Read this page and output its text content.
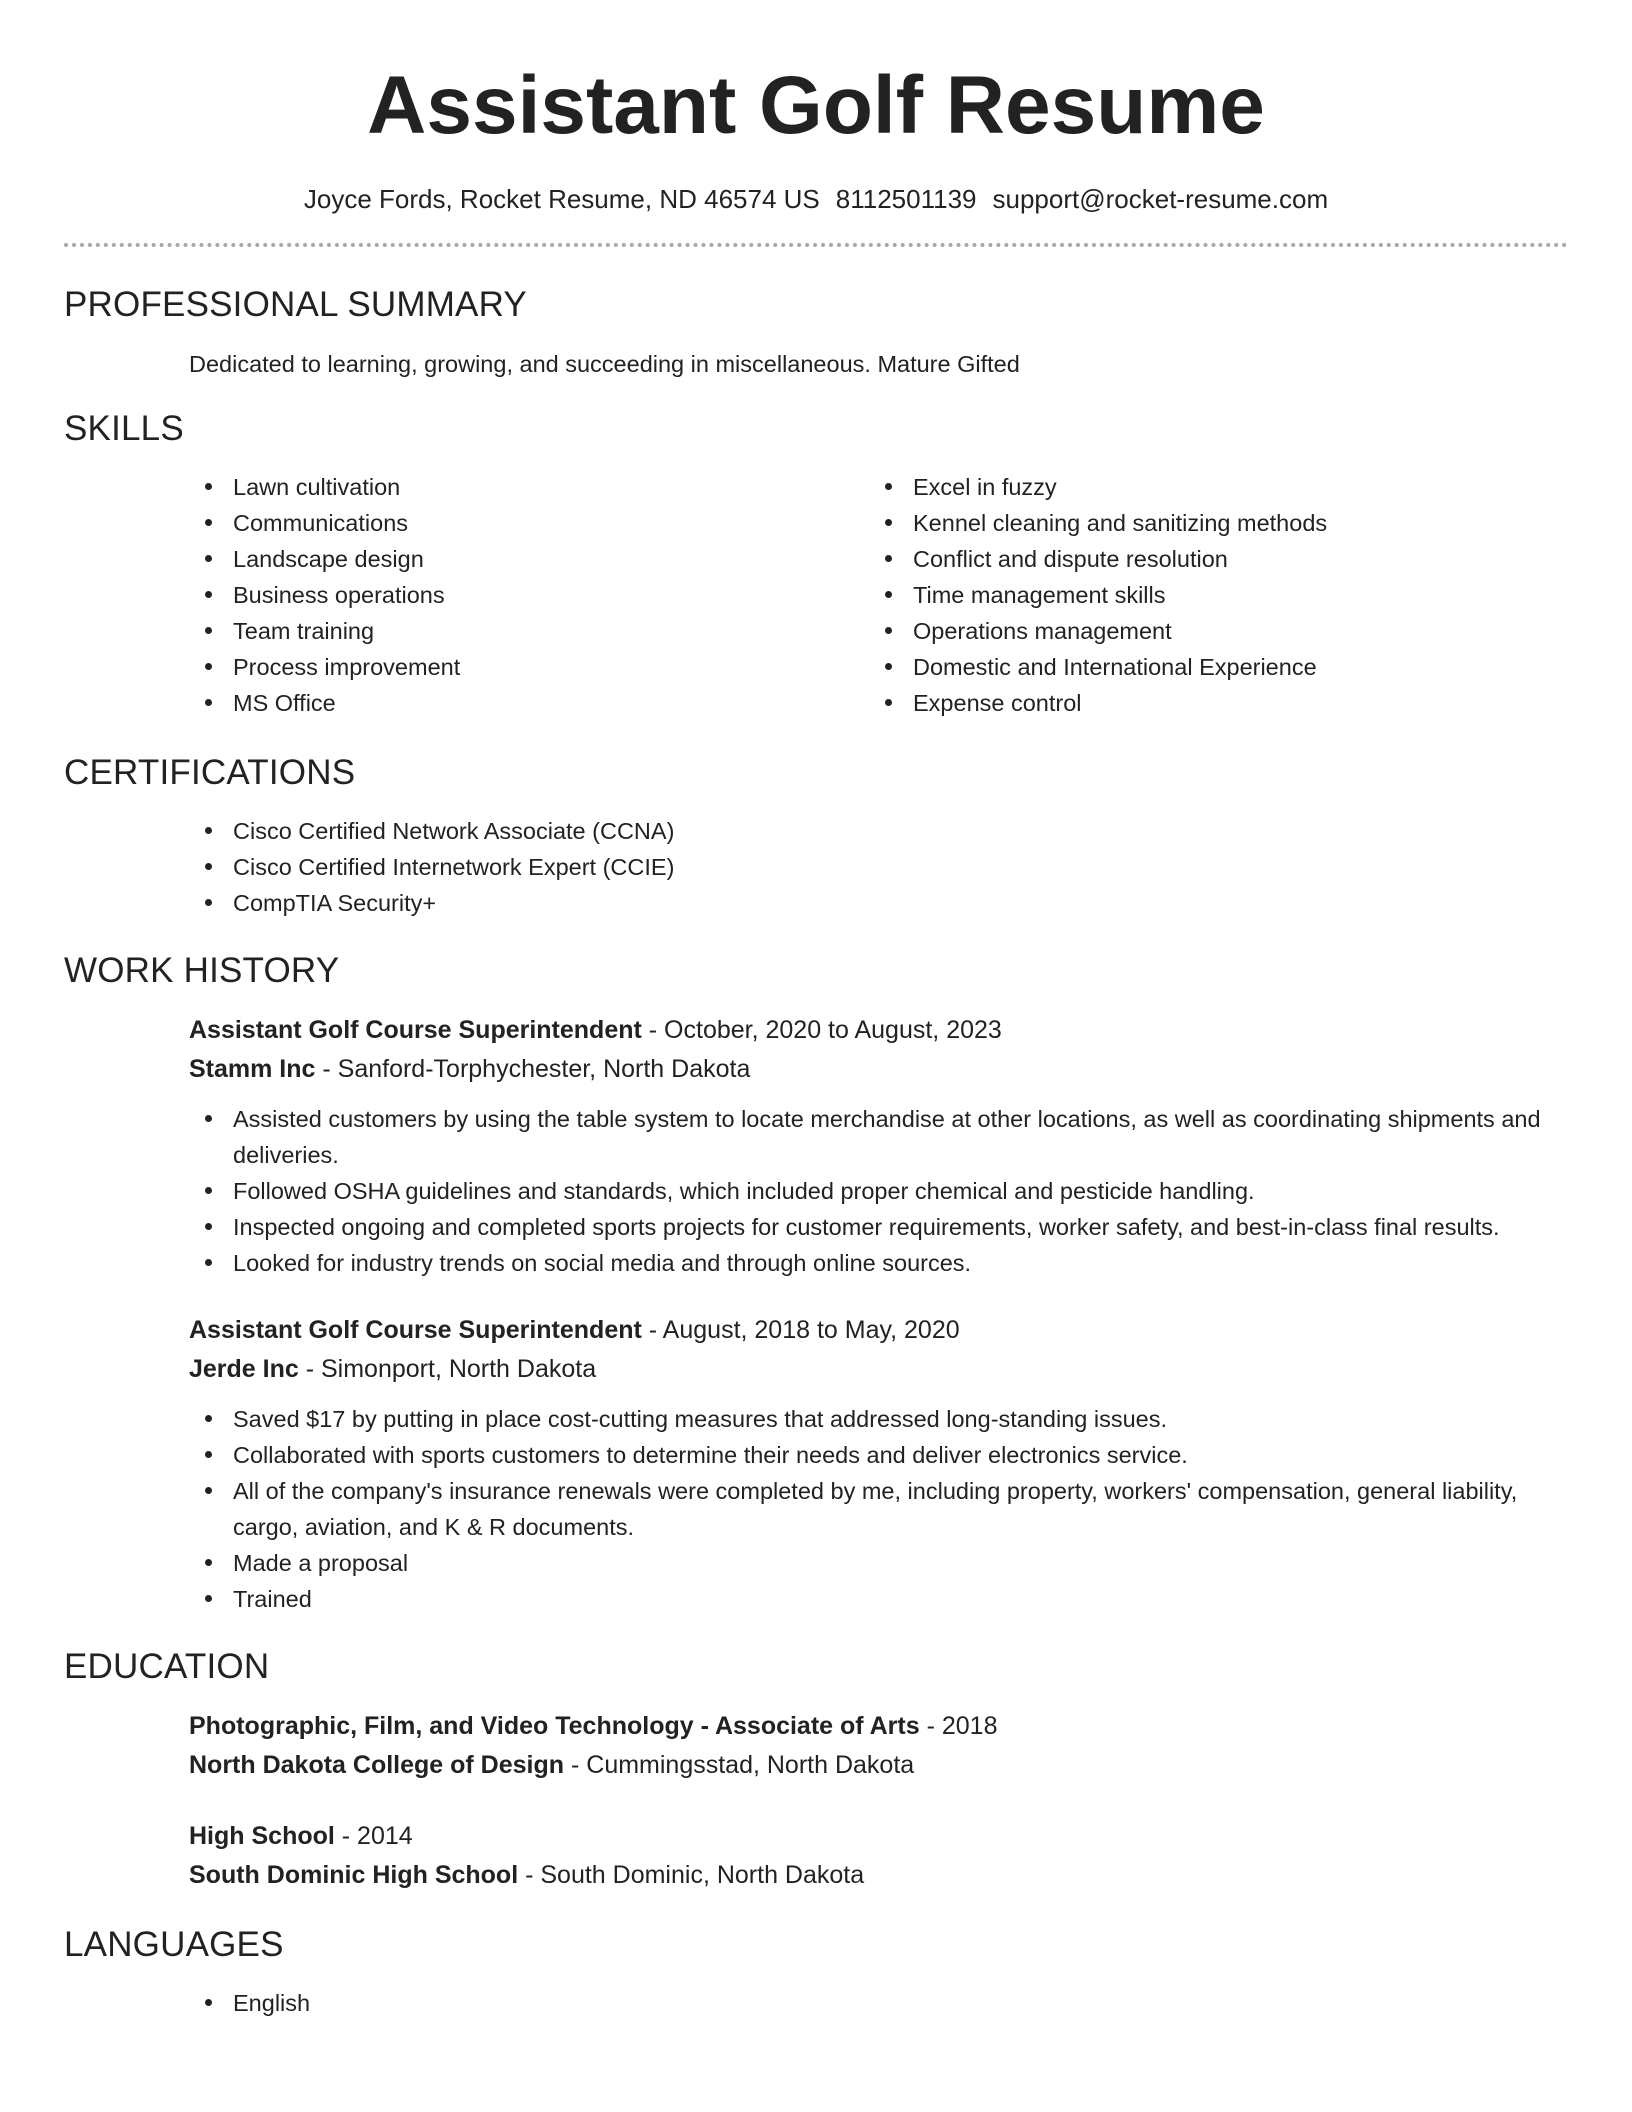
Assistant Golf Resume
Joyce Fords, Rocket Resume, ND 46574 US 8112501139 support@rocket-resume.com
PROFESSIONAL SUMMARY
Dedicated to learning, growing, and succeeding in miscellaneous. Mature Gifted
SKILLS
Lawn cultivation
Communications
Landscape design
Business operations
Team training
Process improvement
MS Office
Excel in fuzzy
Kennel cleaning and sanitizing methods
Conflict and dispute resolution
Time management skills
Operations management
Domestic and International Experience
Expense control
CERTIFICATIONS
Cisco Certified Network Associate (CCNA)
Cisco Certified Internetwork Expert (CCIE)
CompTIA Security+
WORK HISTORY
Assistant Golf Course Superintendent - October, 2020 to August, 2023
Stamm Inc - Sanford-Torphychester, North Dakota
Assisted customers by using the table system to locate merchandise at other locations, as well as coordinating shipments and deliveries.
Followed OSHA guidelines and standards, which included proper chemical and pesticide handling.
Inspected ongoing and completed sports projects for customer requirements, worker safety, and best-in-class final results.
Looked for industry trends on social media and through online sources.
Assistant Golf Course Superintendent - August, 2018 to May, 2020
Jerde Inc - Simonport, North Dakota
Saved $17 by putting in place cost-cutting measures that addressed long-standing issues.
Collaborated with sports customers to determine their needs and deliver electronics service.
All of the company's insurance renewals were completed by me, including property, workers' compensation, general liability, cargo, aviation, and K & R documents.
Made a proposal
Trained
EDUCATION
Photographic, Film, and Video Technology - Associate of Arts - 2018
North Dakota College of Design - Cummingsstad, North Dakota
High School - 2014
South Dominic High School - South Dominic, North Dakota
LANGUAGES
English
